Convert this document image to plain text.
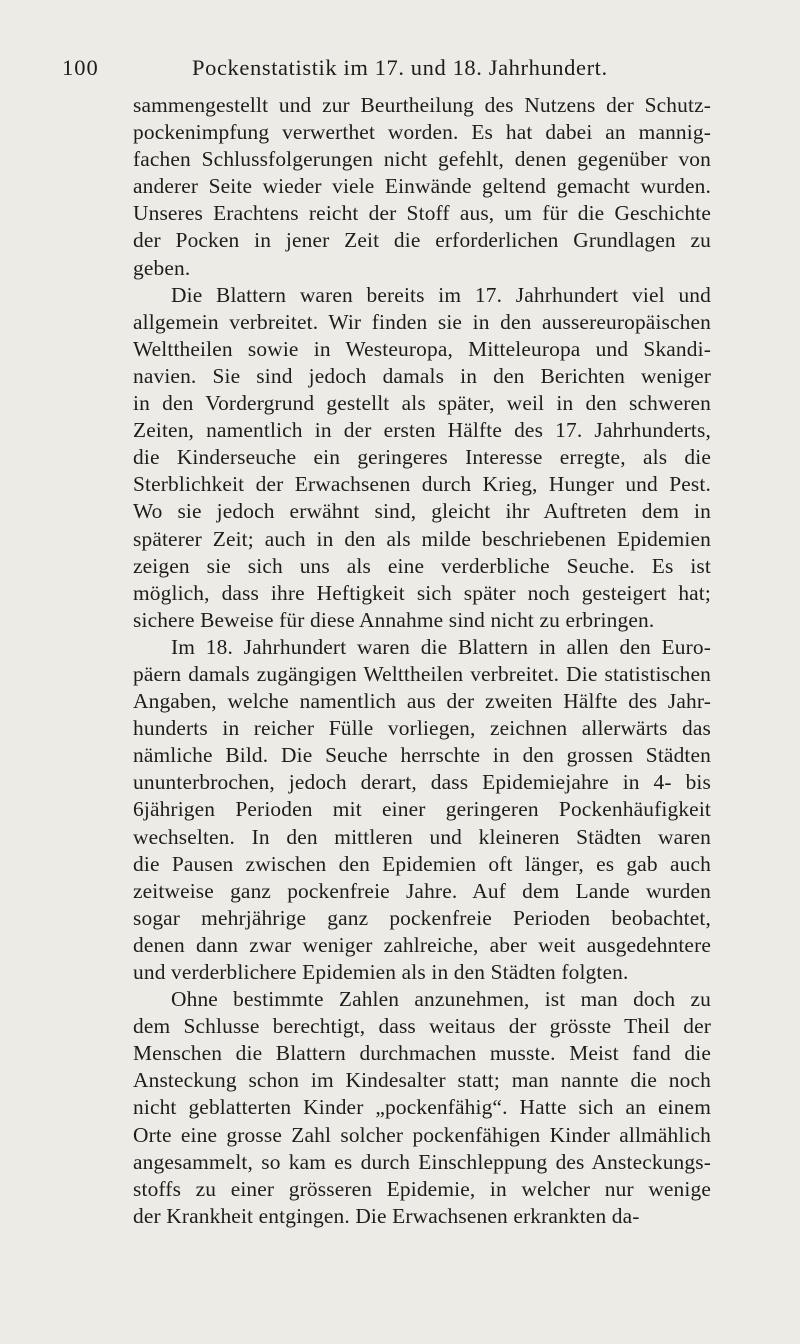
100	Pockenstatistik im 17. und 18. Jahrhundert.
sammengestellt und zur Beurtheilung des Nutzens der Schutz-
pockenimpfung verwerthet worden. Es hat dabei an mannig-
fachen Schlussfolgerungen nicht gefehlt, denen gegenüber von
anderer Seite wieder viele Einwände geltend gemacht wurden.
Unseres Erachtens reicht der Stoff aus, um für die Geschichte
der Pocken in jener Zeit die erforderlichen Grundlagen zu
geben.
Die Blattern waren bereits im 17. Jahrhundert viel und
allgemein verbreitet. Wir finden sie in den aussereuropäischen
Welttheilen sowie in Westeuropa, Mitteleuropa und Skandi-
navien. Sie sind jedoch damals in den Berichten weniger
in den Vordergrund gestellt als später, weil in den schweren
Zeiten, namentlich in der ersten Hälfte des 17. Jahrhunderts,
die Kinderseuche ein geringeres Interesse erregte, als die
Sterblichkeit der Erwachsenen durch Krieg, Hunger und Pest.
Wo sie jedoch erwähnt sind, gleicht ihr Auftreten dem in
späterer Zeit; auch in den als milde beschriebenen Epidemien
zeigen sie sich uns als eine verderbliche Seuche. Es ist
möglich, dass ihre Heftigkeit sich später noch gesteigert hat;
sichere Beweise für diese Annahme sind nicht zu erbringen.
Im 18. Jahrhundert waren die Blattern in allen den Euro-
päern damals zugängigen Welttheilen verbreitet. Die statistischen
Angaben, welche namentlich aus der zweiten Hälfte des Jahr-
hunderts in reicher Fülle vorliegen, zeichnen allerwärts das
nämliche Bild. Die Seuche herrschte in den grossen Städten
ununterbrochen, jedoch derart, dass Epidemiejahre in 4- bis
6jährigen Perioden mit einer geringeren Pockenhäufigkeit
wechselten. In den mittleren und kleineren Städten waren
die Pausen zwischen den Epidemien oft länger, es gab auch
zeitweise ganz pockenfreie Jahre. Auf dem Lande wurden
sogar mehrjährige ganz pockenfreie Perioden beobachtet,
denen dann zwar weniger zahlreiche, aber weit ausgedehntere
und verderblichere Epidemien als in den Städten folgten.
Ohne bestimmte Zahlen anzunehmen, ist man doch zu
dem Schlusse berechtigt, dass weitaus der grösste Theil der
Menschen die Blattern durchmachen musste. Meist fand die
Ansteckung schon im Kindesalter statt; man nannte die noch
nicht geblatterten Kinder „pockenfähig“. Hatte sich an einem
Orte eine grosse Zahl solcher pockenfähigen Kinder allmählich
angesammelt, so kam es durch Einschleppung des Ansteckungs-
stoffs zu einer grösseren Epidemie, in welcher nur wenige
der Krankheit entgingen. Die Erwachsenen erkrankten da-
